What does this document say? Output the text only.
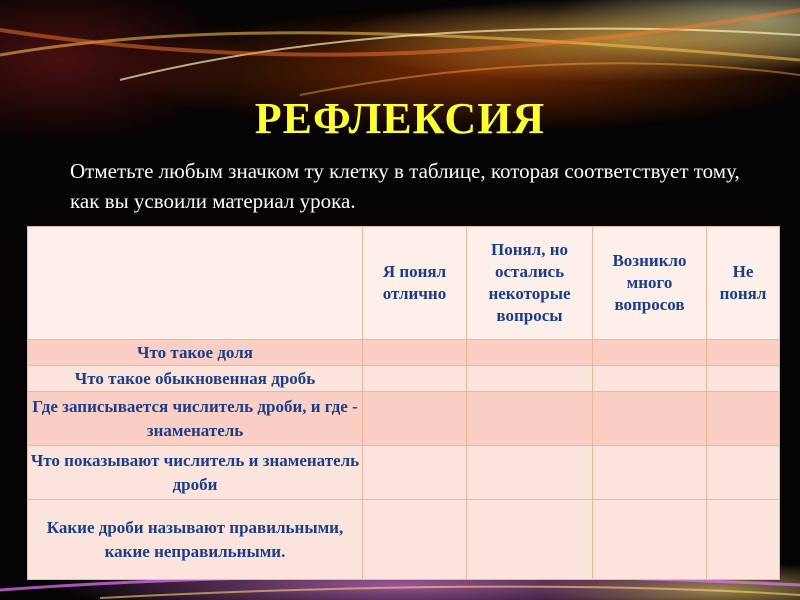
РЕФЛЕКСИЯ
Отметьте любым значком ту клетку в таблице, которая соответствует тому, как вы усвоили материал урока.
	Я понял отлично	Понял, но остались некоторые вопросы	Возникло много вопросов	Не понял
Что такое доля				
Что такое обыкновенная дробь				
Где записывается числитель дроби, и где - знаменатель				
Что показывают числитель и знаменатель дроби				
Какие дроби называют правильными, какие неправильными.				
